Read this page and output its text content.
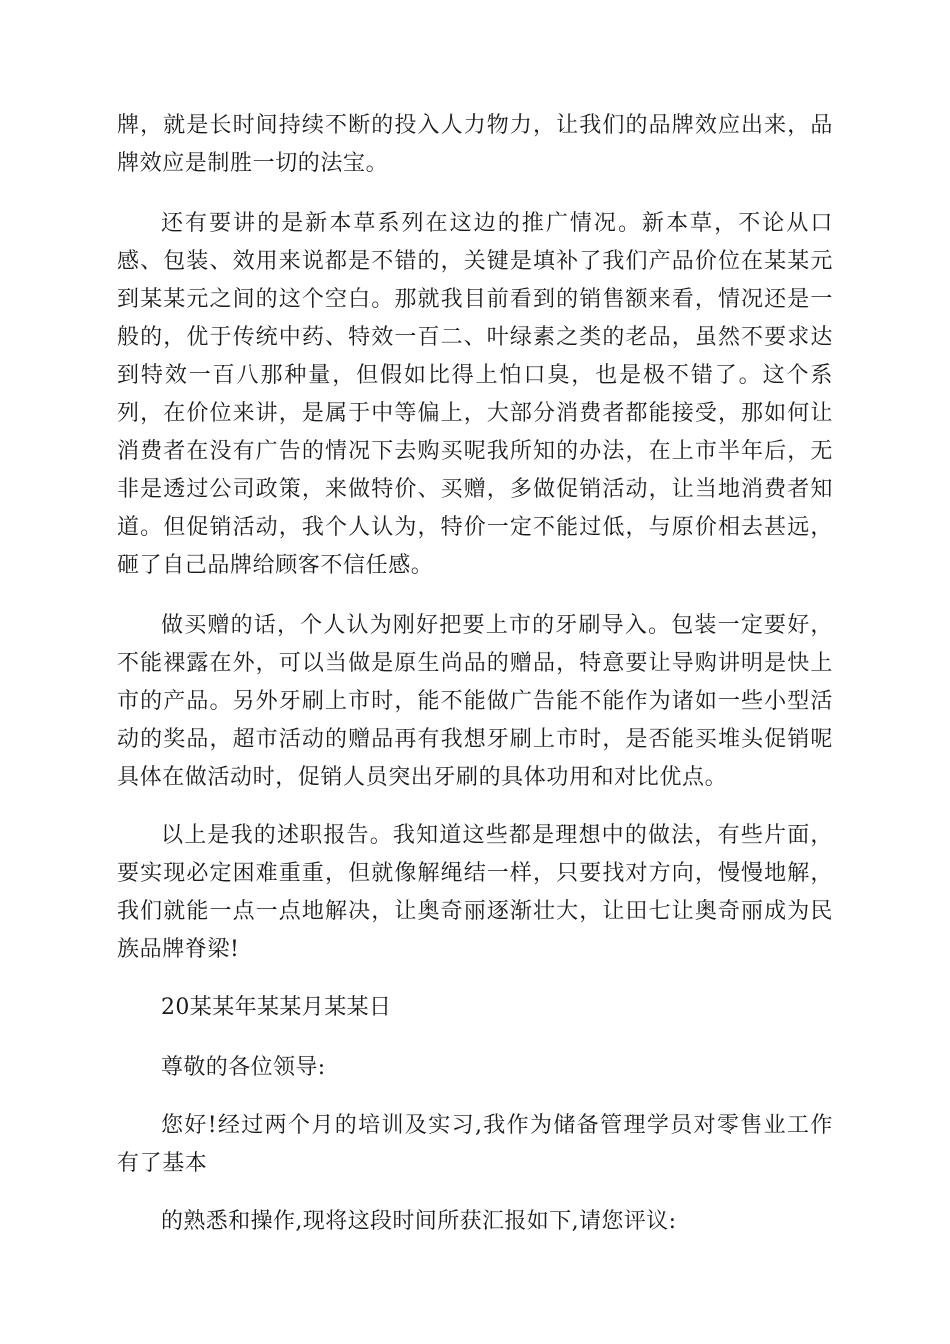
牌，就是长时间持续不断的投入人力物力，让我们的品牌效应出来，品牌效应是制胜一切的法宝。

还有要讲的是新本草系列在这边的推广情况。新本草，不论从口感、包装、效用来说都是不错的，关键是填补了我们产品价位在某某元到某某元之间的这个空白。那就我目前看到的销售额来看，情况还是一般的，优于传统中药、特效一百二、叶绿素之类的老品，虽然不要求达到特效一百八那种量，但假如比得上怕口臭，也是极不错了。这个系列，在价位来讲，是属于中等偏上，大部分消费者都能接受，那如何让消费者在没有广告的情况下去购买呢我所知的办法，在上市半年后，无非是透过公司政策，来做特价、买赠，多做促销活动，让当地消费者知道。但促销活动，我个人认为，特价一定不能过低，与原价相去甚远，砸了自己品牌给顾客不信任感。

做买赠的话，个人认为刚好把要上市的牙刷导入。包装一定要好，不能裸露在外，可以当做是原生尚品的赠品，特意要让导购讲明是快上市的产品。另外牙刷上市时，能不能做广告能不能作为诸如一些小型活动的奖品，超市活动的赠品再有我想牙刷上市时，是否能买堆头促销呢具体在做活动时，促销人员突出牙刷的具体功用和对比优点。

以上是我的述职报告。我知道这些都是理想中的做法，有些片面，要实现必定困难重重，但就像解绳结一样，只要找对方向，慢慢地解，我们就能一点一点地解决，让奥奇丽逐渐壮大，让田七让奥奇丽成为民族品牌脊梁!

20某某年某某月某某日

尊敬的各位领导:

您好!经过两个月的培训及实习,我作为储备管理学员对零售业工作有了基本

的熟悉和操作,现将这段时间所获汇报如下,请您评议:
